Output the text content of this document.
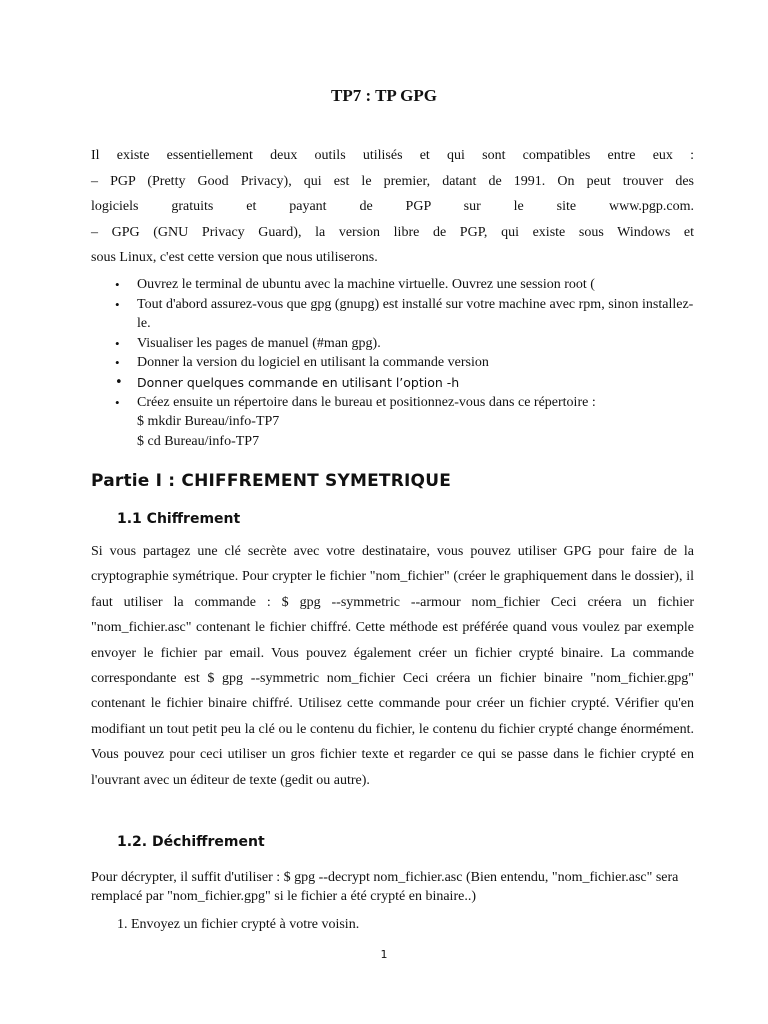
TP7 : TP GPG

Il existe essentiellement deux outils utilisés et qui sont compatibles entre eux :

– PGP (Pretty Good Privacy), qui est le premier, datant de 1991. On peut trouver des

logiciels gratuits et payant de PGP sur le site www.pgp.com.

– GPG (GNU Privacy Guard), la version libre de PGP, qui existe sous Windows et

sous Linux, c'est cette version que nous utiliserons.

• Ouvrez le terminal de ubuntu avec la machine virtuelle. Ouvrez une session root (
• Tout d'abord assurez-vous que gpg (gnupg) est installé sur votre machine avec rpm, sinon installez-le.
• Visualiser les pages de manuel (#man gpg).
• Donner la version du logiciel en utilisant la commande version
• Donner quelques commande en utilisant l’option -h
• Créez ensuite un répertoire dans le bureau et positionnez-vous dans ce répertoire :
$ mkdir Bureau/info-TP7
$ cd Bureau/info-TP7
Partie I : CHIFFREMENT SYMETRIQUE
1.1 Chiffrement

Si vous partagez une clé secrète avec votre destinataire, vous pouvez utiliser GPG pour faire de la cryptographie symétrique. Pour crypter le fichier "nom_fichier" (créer le graphiquement dans le dossier), il faut utiliser la commande : $ gpg --symmetric --armour nom_fichier Ceci créera un fichier "nom_fichier.asc" contenant le fichier chiffré. Cette méthode est préférée quand vous voulez par exemple envoyer le fichier par email. Vous pouvez également créer un fichier crypté binaire. La commande correspondante est $ gpg --symmetric nom_fichier Ceci créera un fichier binaire "nom_fichier.gpg" contenant le fichier binaire chiffré. Utilisez cette commande pour créer un fichier crypté. Vérifier qu'en modifiant un tout petit peu la clé ou le contenu du fichier, le contenu du fichier crypté change énormément. Vous pouvez pour ceci utiliser un gros fichier texte et regarder ce qui se passe dans le fichier crypté en l'ouvrant avec un éditeur de texte (gedit ou autre).

1.2. Déchiffrement

Pour décrypter, il suffit d'utiliser : $ gpg --decrypt nom_fichier.asc (Bien entendu, "nom_fichier.asc" sera remplacé par "nom_fichier.gpg" si le fichier a été crypté en binaire..)

1. Envoyez un fichier crypté à votre voisin.
1
